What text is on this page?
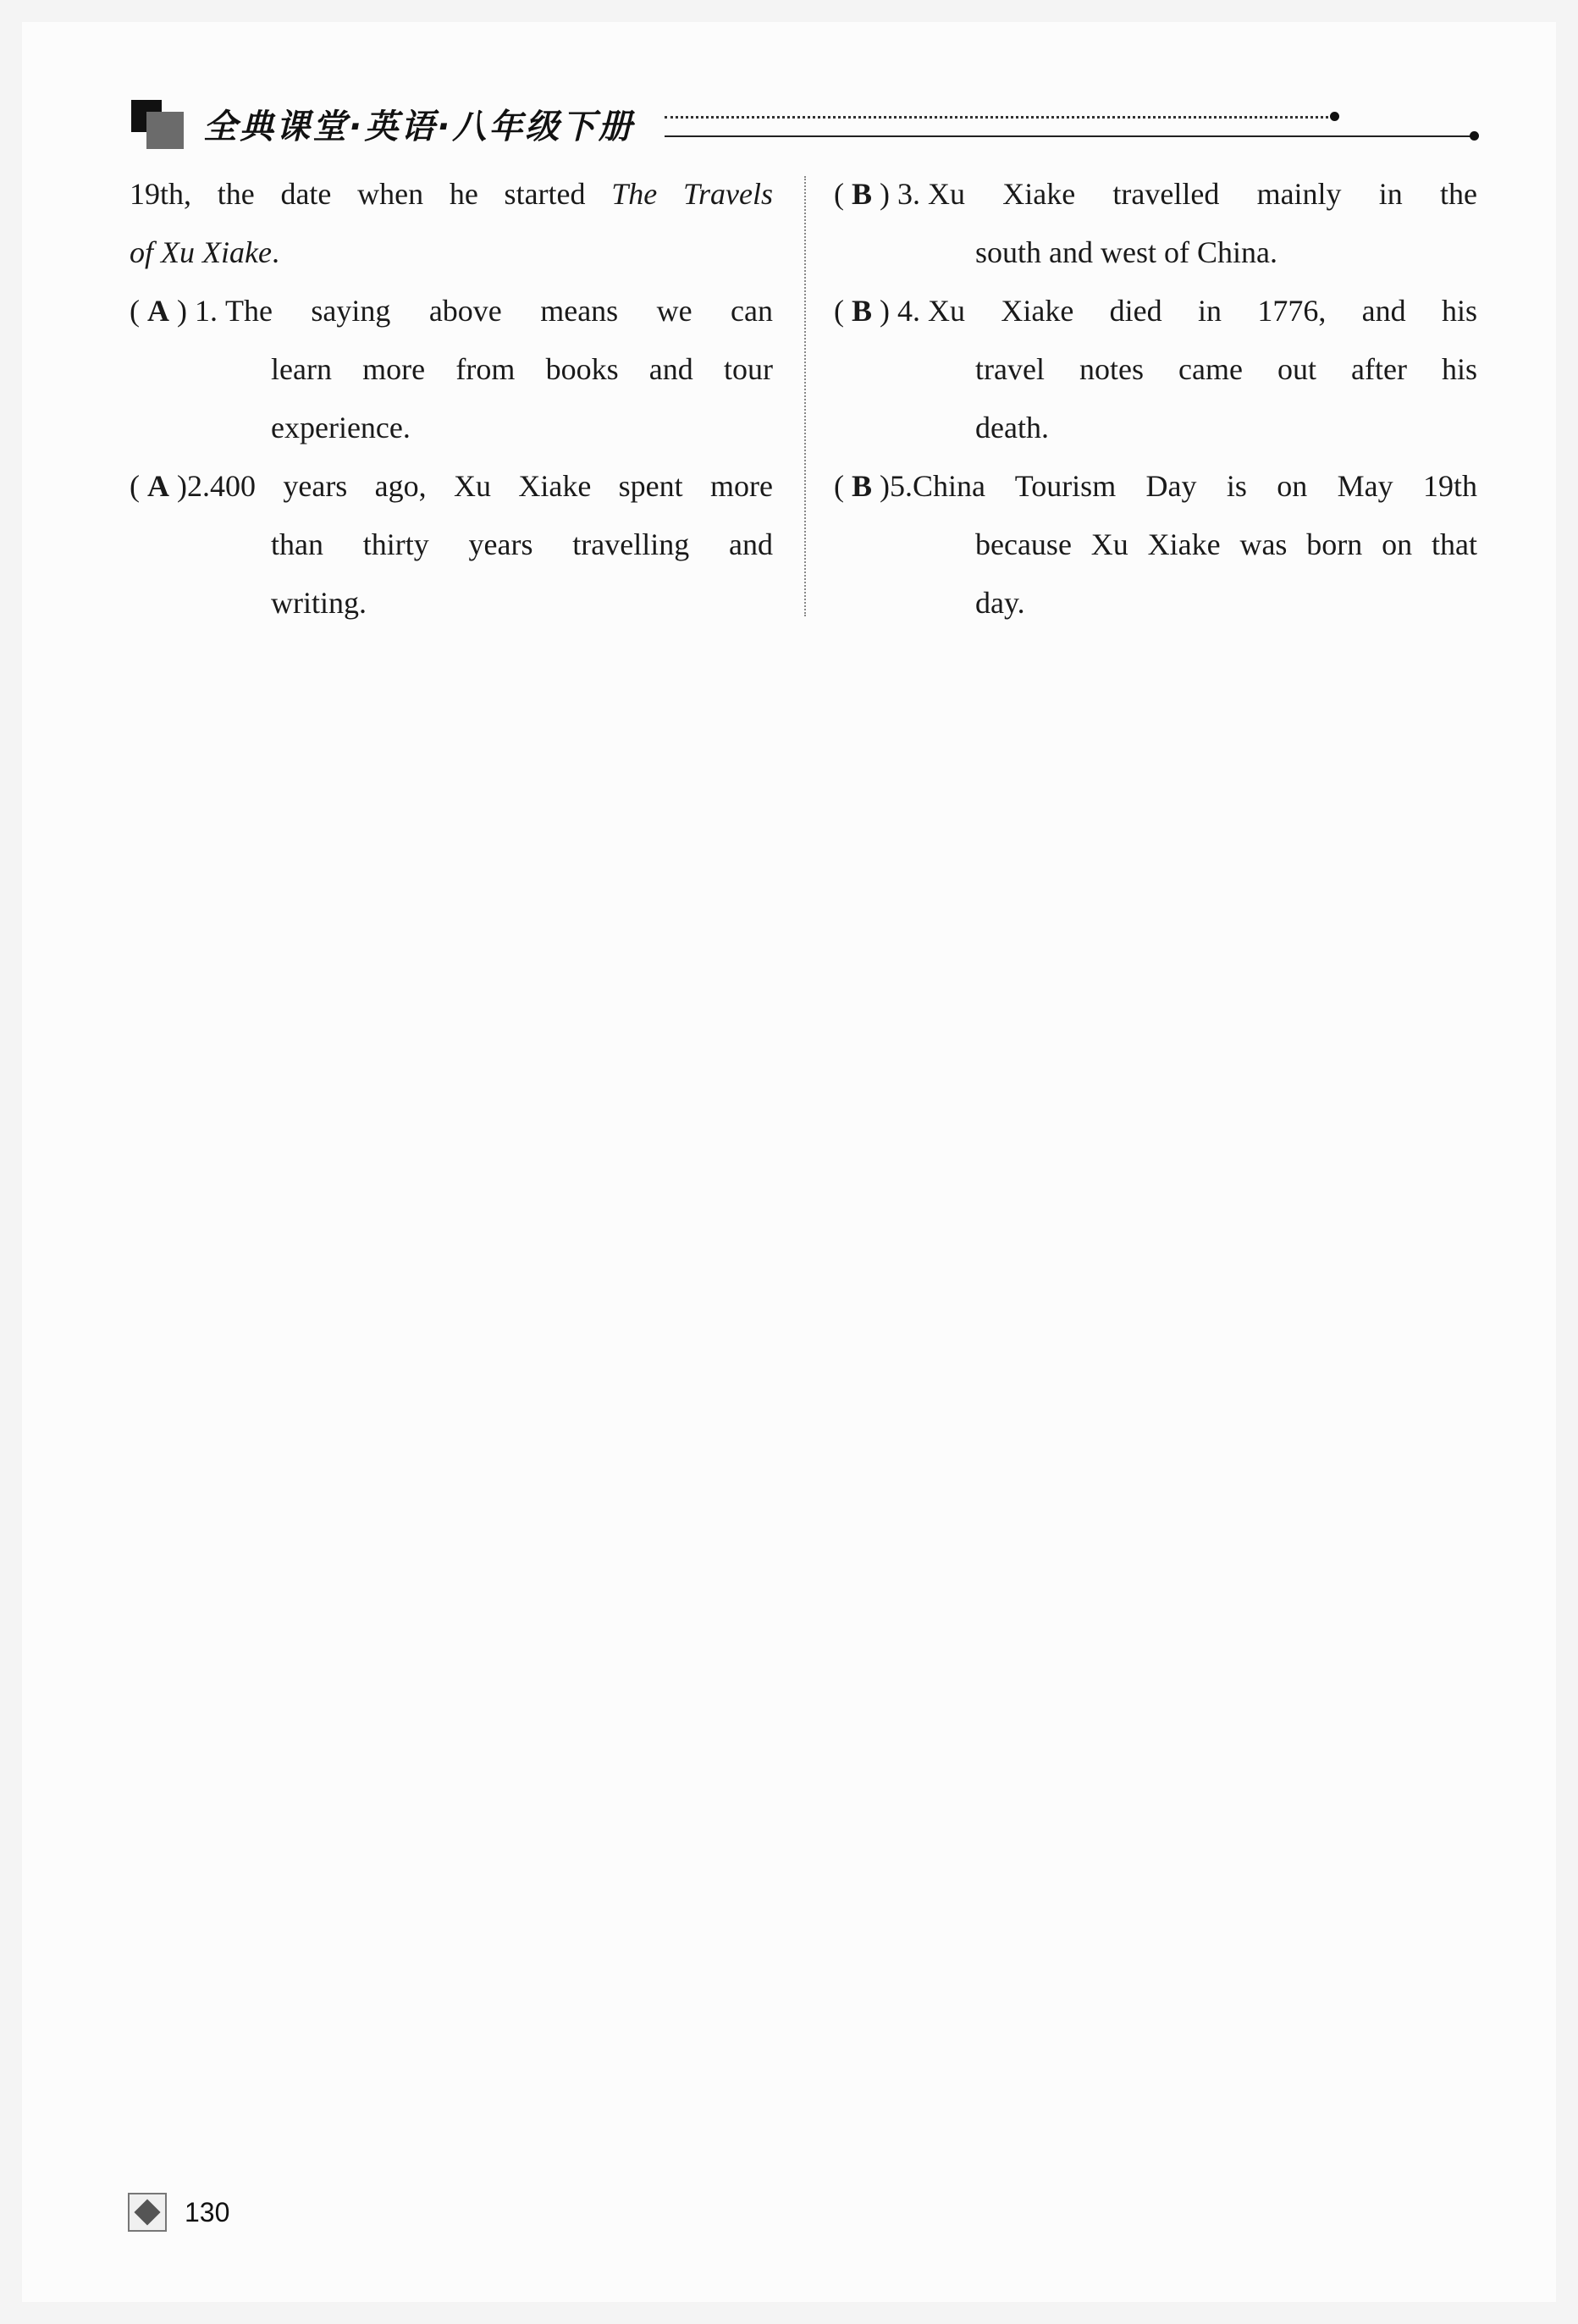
全典课堂·英语·八年级下册
19th, the date when he started The Travels
of Xu Xiake.
( A ) 1.
The saying above means we can
learn more from books and tour
experience.
( A )2. 400 years ago, Xu Xiake spent more
than thirty years travelling and
writing.
( B ) 3.
Xu Xiake travelled mainly in the
south and west of China.
( B ) 4.
Xu Xiake died in 1776, and his
travel notes came out after his
death.
( B )5. China Tourism Day is on May 19th
because Xu Xiake was born on that
day.
130
